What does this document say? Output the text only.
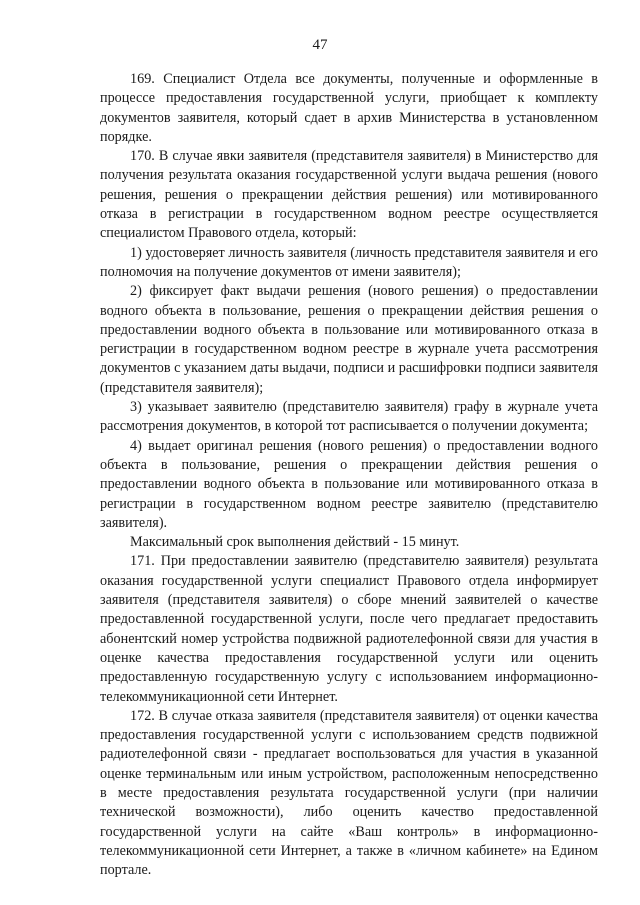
47

169. Специалист Отдела все документы, полученные и оформленные в процессе предоставления государственной услуги, приобщает к комплекту документов заявителя, который сдает в архив Министерства в установленном порядке.

170. В случае явки заявителя (представителя заявителя) в Министерство для получения результата оказания государственной услуги выдача решения (нового решения, решения о прекращении действия решения) или мотивированного отказа в регистрации в государственном водном реестре осуществляется специалистом Правового отдела, который:

1) удостоверяет личность заявителя (личность представителя заявителя и его полномочия на получение документов от имени заявителя);

2) фиксирует факт выдачи решения (нового решения) о предоставлении водного объекта в пользование, решения о прекращении действия решения о предоставлении водного объекта в пользование или мотивированного отказа в регистрации в государственном водном реестре в журнале учета рассмотрения документов с указанием даты выдачи, подписи и расшифровки подписи заявителя (представителя заявителя);

3) указывает заявителю (представителю заявителя) графу в журнале учета рассмотрения документов, в которой тот расписывается о получении документа;

4) выдает оригинал решения (нового решения) о предоставлении водного объекта в пользование, решения о прекращении действия решения о предоставлении водного объекта в пользование или мотивированного отказа в регистрации в государственном водном реестре заявителю (представителю заявителя).

Максимальный срок выполнения действий - 15 минут.

171. При предоставлении заявителю (представителю заявителя) результата оказания государственной услуги специалист Правового отдела информирует заявителя (представителя заявителя) о сборе мнений заявителей о качестве предоставленной государственной услуги, после чего предлагает предоставить абонентский номер устройства подвижной радиотелефонной связи для участия в оценке качества предоставления государственной услуги или оценить предоставленную государственную услугу с использованием информационно-телекоммуникационной сети Интернет.

172. В случае отказа заявителя (представителя заявителя) от оценки качества предоставления государственной услуги с использованием средств подвижной радиотелефонной связи - предлагает воспользоваться для участия в указанной оценке терминальным или иным устройством, расположенным непосредственно в месте предоставления результата государственной услуги (при наличии технической возможности), либо оценить качество предоставленной государственной услуги на сайте «Ваш контроль» в информационно-телекоммуникационной сети Интернет, а также в «личном кабинете» на Едином портале.
